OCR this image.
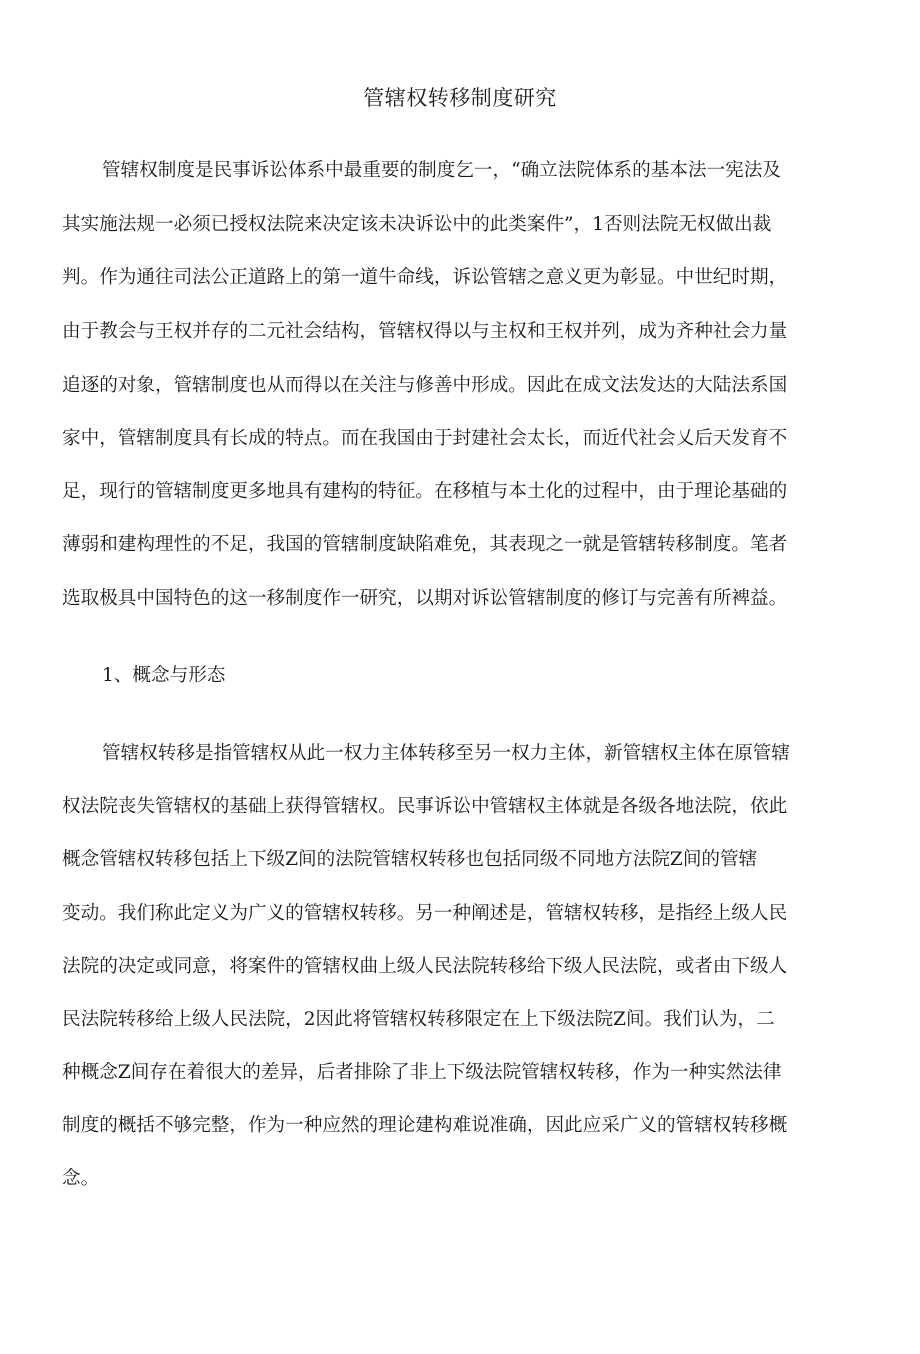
管辖权转移制度研究
管辖权制度是民事诉讼体系中最重要的制度乞一，“确立法院体系的基本法一宪法及
其实施法规一必须已授权法院来决定该未决诉讼中的此类案件”，1否则法院无权做出裁
判。作为通往司法公正道路上的第一道牛命线，诉讼管辖之意义更为彰显。中世纪时期，
由于教会与王权并存的二元社会结构，管辖权得以与主权和王权并列，成为齐种社会力量
追逐的对象，管辖制度也从而得以在关注与修善中形成。因此在成文法发达的大陆法系国
家中，管辖制度具有长成的特点。而在我国由于封建社会太长，而近代社会乂后天发育不
足，现行的管辖制度更多地具有建构的特征。在移植与本土化的过程中，由于理论基础的
薄弱和建构理性的不足，我国的管辖制度缺陷难免，其表现之一就是管辖转移制度。笔者
选取极具中国特色的这一移制度作一研究，以期对诉讼管辖制度的修订与完善有所裨益。
1、概念与形态
管辖权转移是指管辖权从此一权力主体转移至另一权力主体，新管辖权主体在原管辖
权法院丧失管辖权的基础上获得管辖权。民事诉讼中管辖权主体就是各级各地法院，依此
概念管辖权转移包括上下级Z间的法院管辖权转移也包括同级不同地方法院Z间的管辖
变动。我们称此定义为广义的管辖权转移。另一种阐述是，管辖权转移，是指经上级人民
法院的决定或同意，将案件的管辖权曲上级人民法院转移给下级人民法院，或者由下级人
民法院转移给上级人民法院，2因此将管辖权转移限定在上下级法院Z间。我们认为，二
种概念Z间存在着很大的差异，后者排除了非上下级法院管辖权转移，作为一种实然法律
制度的概括不够完整，作为一种应然的理论建构难说准确，因此应采广义的管辖权转移概
念。
